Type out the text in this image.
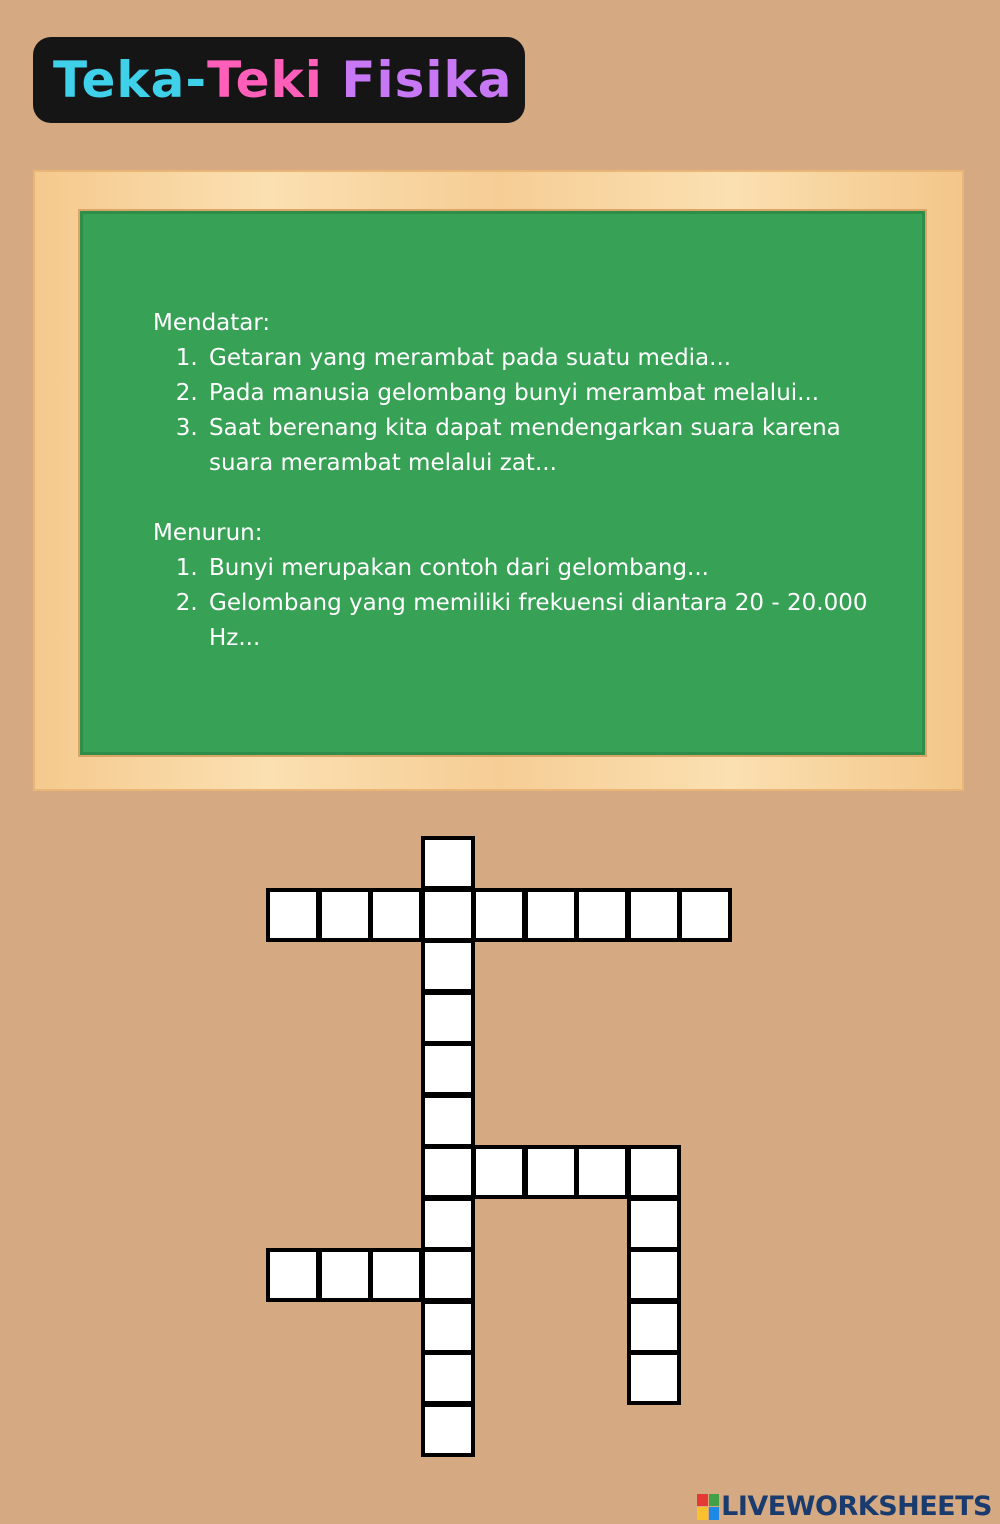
Teka- Teki
Fisika

Mendatar:

1. Getaran yang merambat pada suatu media...
2. Pada manusia gelombang bunyi merambat melalui...
3. Saat berenang kita dapat mendengarkan suara karena suara merambat melalui zat...

Menurun:

1. Bunyi merupakan contoh dari gelombang...
2. Gelombang yang memiliki frekuensi diantara 20 - 20.000 Hz...
LIVEWORKSHEETS
